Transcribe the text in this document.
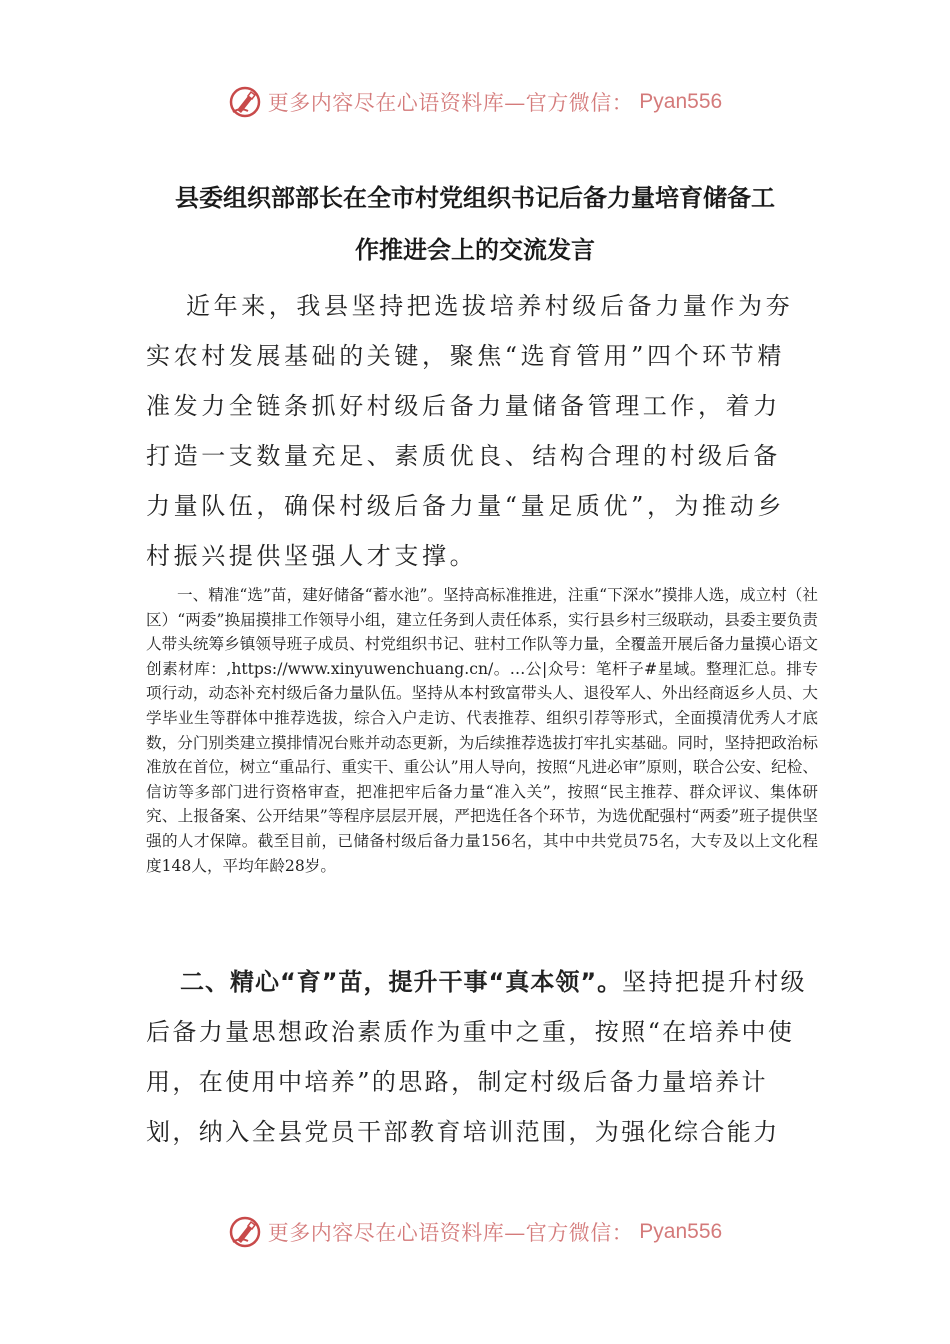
更多内容尽在心语资料库—官方微信： Pyan556
县委组织部部长在全市村党组织书记后备力量培育储备工
作推进会上的交流发言

近年来，我县坚持把选拔培养村级后备力量作为夯实农村发展基础的关键，聚焦“选育管用”四个环节精准发力全链条抓好村级后备力量储备管理工作，着力打造一支数量充足、素质优良、结构合理的村级后备力量队伍，确保村级后备力量“量足质优”，为推动乡村振兴提供坚强人才支撑。

一、精准“选”苗，建好储备“蓄水池”。坚持高标准推进，注重“下深水”摸排人选，成立村（社区）“两委”换届摸排工作领导小组，建立任务到人责任体系，实行县乡村三级联动，县委主要负责人带头统筹乡镇领导班子成员、村党组织书记、驻村工作队等力量，全覆盖开展后备力量摸心语文创素材库：,https://www.xinyuwenchuang.cn/。…公|众号：笔杆子#星域。整理汇总。排专项行动，动态补充村级后备力量队伍。坚持从本村致富带头人、退役军人、外出经商返乡人员、大学毕业生等群体中推荐选拔，综合入户走访、代表推荐、组织引荐等形式，全面摸清优秀人才底数，分门别类建立摸排情况台账并动态更新，为后续推荐选拔打牢扎实基础。同时，坚持把政治标准放在首位，树立“重品行、重实干、重公认”用人导向，按照“凡进必审”原则，联合公安、纪检、信访等多部门进行资格审查，把准把牢后备力量“准入关”，按照“民主推荐、群众评议、集体研究、上报备案、公开结果”等程序层层开展，严把选任各个环节，为选优配强村“两委”班子提供坚强的人才保障。截至目前，已储备村级后备力量156名，其中中共党员75名，大专及以上文化程度148人，平均年龄28岁。

二、精心“育”苗，提升干事“真本领”。坚持把提升村级后备力量思想政治素质作为重中之重，按照“在培养中使用，在使用中培养”的思路，制定村级后备力量培养计划，纳入全县党员干部教育培训范围，为强化综合能力

更多内容尽在心语资料库—官方微信： Pyan556
